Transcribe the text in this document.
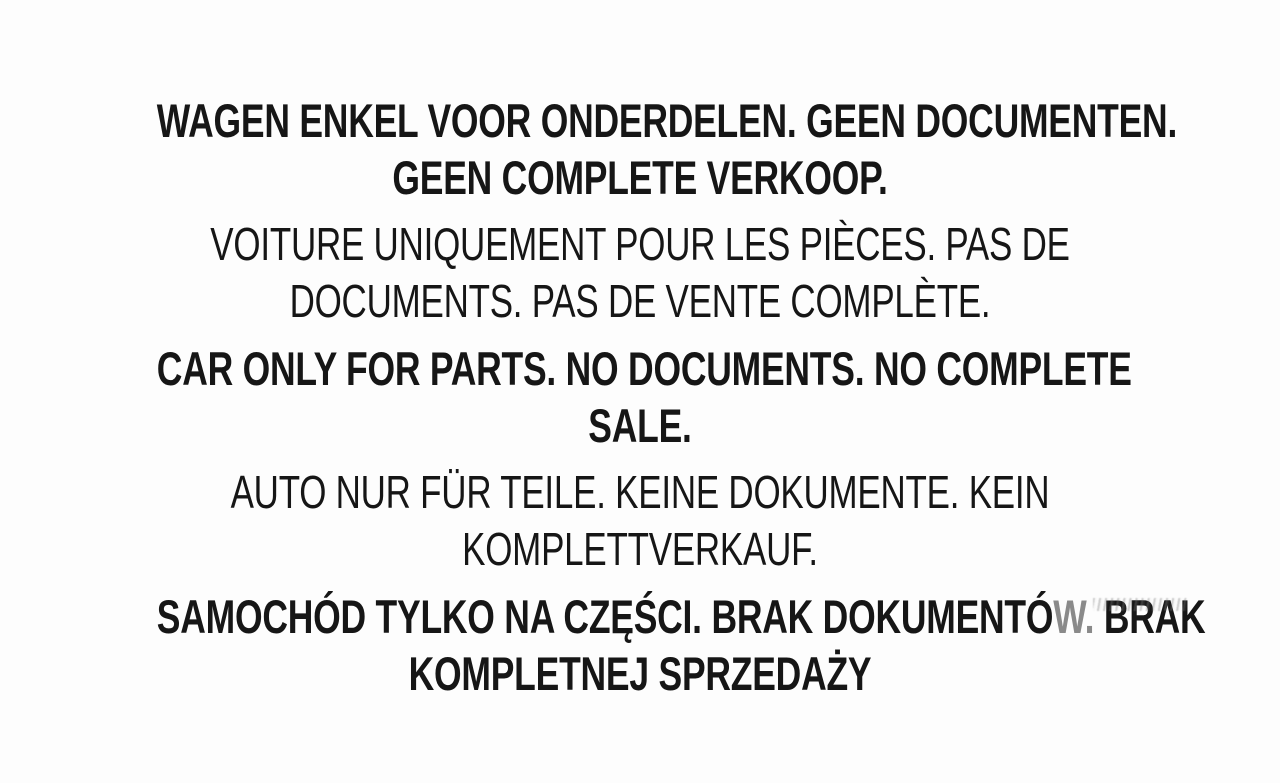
WAGEN ENKEL VOOR ONDERDELEN. GEEN DOCUMENTEN.
GEEN COMPLETE VERKOOP.
VOITURE UNIQUEMENT POUR LES PIÈCES. PAS DE
DOCUMENTS. PAS DE VENTE COMPLÈTE.
CAR ONLY FOR PARTS. NO DOCUMENTS. NO COMPLETE
SALE.
AUTO NUR FÜR TEILE. KEINE DOKUMENTE. KEIN
KOMPLETTVERKAUF.
SAMOCHÓD TYLKO NA CZĘŚCI. BRAK DOKUMENTÓW. BRAK
KOMPLETNEJ SPRZEDAŻY
